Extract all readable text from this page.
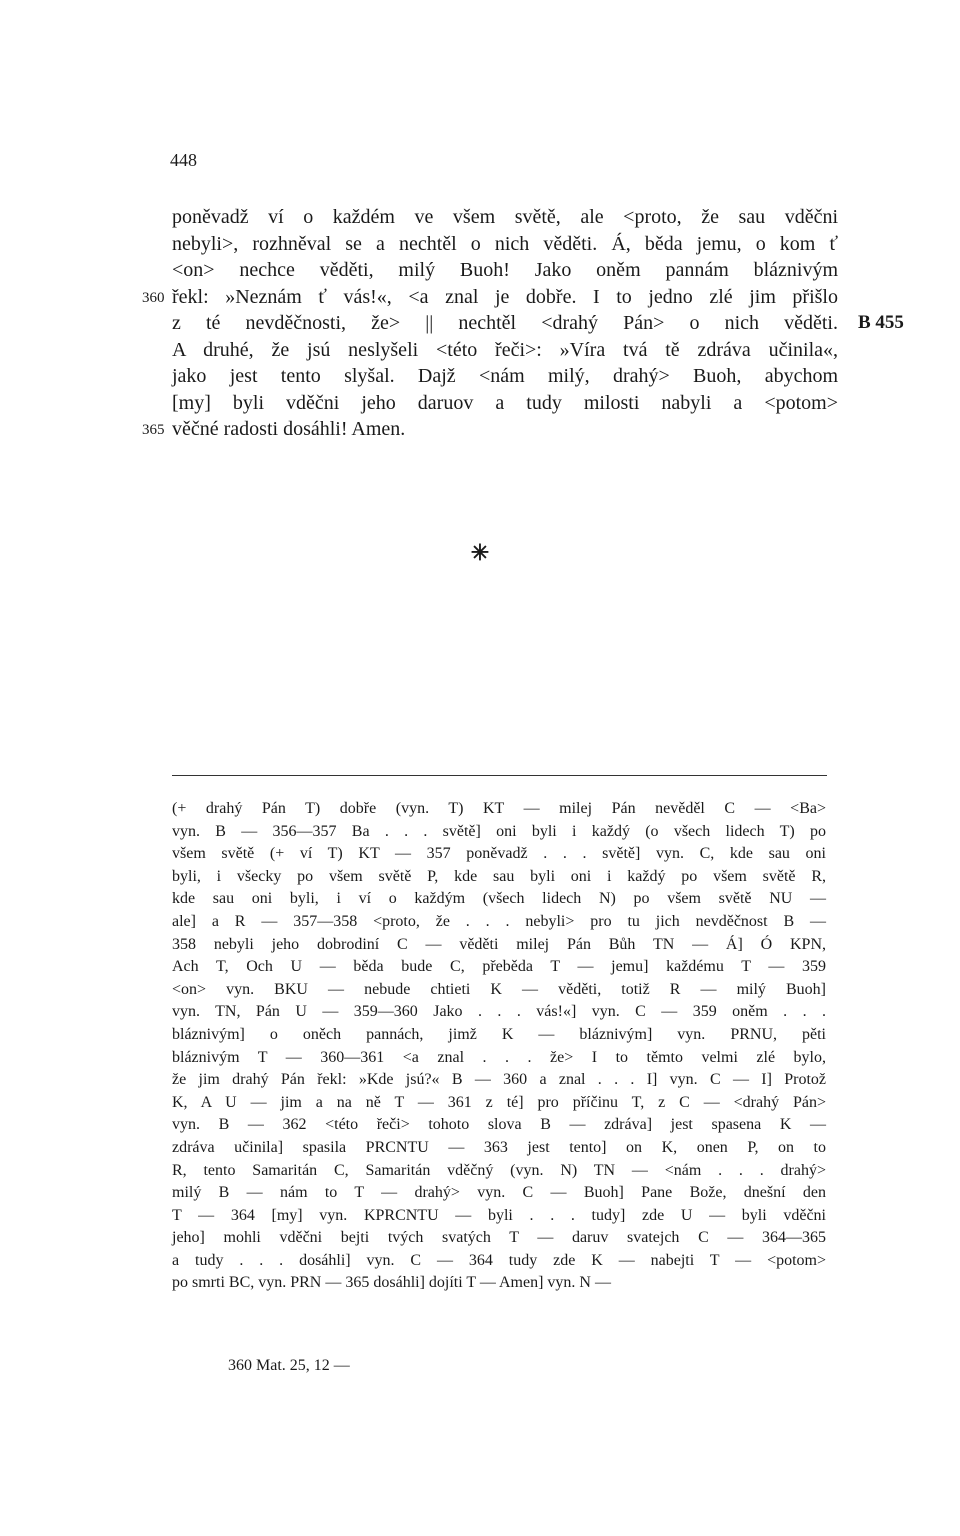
448
poněvadž ví o každém ve všem světě, ale <proto, že sau vděčni
nebyli>, rozhněval se a nechtěl o nich věděti. Á, běda jemu, o kom ť
<on> nechce věděti, milý Buoh! Jako oněm pannám bláznivým
360 řekl: »Neznám ť vás!«, <a znal je dobře. I to jedno zlé jim přišlo
z té nevděčnosti, že> || nechtěl <drahý Pán> o nich věděti. B 455
A druhé, že jsú neslyšeli <této řeči>: »Víra tvá tě zdráva učinila«,
jako jest tento slyšal. Dajž <nám milý, drahý> Buoh, abychom
[my] byli vděčni jeho daruov a tudy milosti nabyli a <potom>
365 věčné radosti dosáhli! Amen.
✳
(+ drahý Pán T) dobře (vyn. T) KT — milej Pán nevěděl C — <Ba>
vyn. B — 356—357 Ba . . . světě] oni byli i každý (o všech lidech T) po
všem světě (+ ví T) KT — 357 poněvadž . . . světě] vyn. C, kde sau oni
byli, i všecky po všem světě P, kde sau byli oni i každý po všem světě R,
kde sau oni byli, i ví o každým (všech lidech N) po všem světě NU —
ale] a R — 357—358 <proto, že . . . nebyli> pro tu jich nevděčnost B —
358 nebyli jeho dobrodiní C — věděti milej Pán Bůh TN — Á] Ó KPN,
Ach T, Och U — běda bude C, přeběda T — jemu] každému T — 359
<on> vyn. BKU — nebude chtieti K — věděti, totiž R — milý Buoh]
vyn. TN, Pán U — 359—360 Jako . . . vás!«] vyn. C — 359 oněm . . .
bláznivým] o oněch pannách, jimž K — bláznivým] vyn. PRNU, pěti
bláznivým T — 360—361 <a znal . . . že> I to těmto velmi zlé bylo,
že jim drahý Pán řekl: »Kde jsú?« B — 360 a znal . . . I] vyn. C — I] Protož
K, A U — jim a na ně T — 361 z té] pro příčinu T, z C — <drahý Pán>
vyn. B — 362 <této řeči> tohoto slova B — zdráva] jest spasena K —
zdráva učinila] spasila PRCNTU — 363 jest tento] on K, onen P, on to
R, tento Samaritán C, Samaritán vděčný (vyn. N) TN — <nám . . . drahý>
milý B — nám to T — drahý> vyn. C — Buoh] Pane Bože, dnešní den
T — 364 [my] vyn. KPRCNTU — byli . . . tudy] zde U — byli vděčni
jeho] mohli vděčni bejti tvých svatých T — daruv svatejch C — 364—365
a tudy . . . dosáhli] vyn. C — 364 tudy zde K — nabejti T — <potom>
po smrti BC, vyn. PRN — 365 dosáhli] dojíti T — Amen] vyn. N —
360 Mat. 25, 12 —
